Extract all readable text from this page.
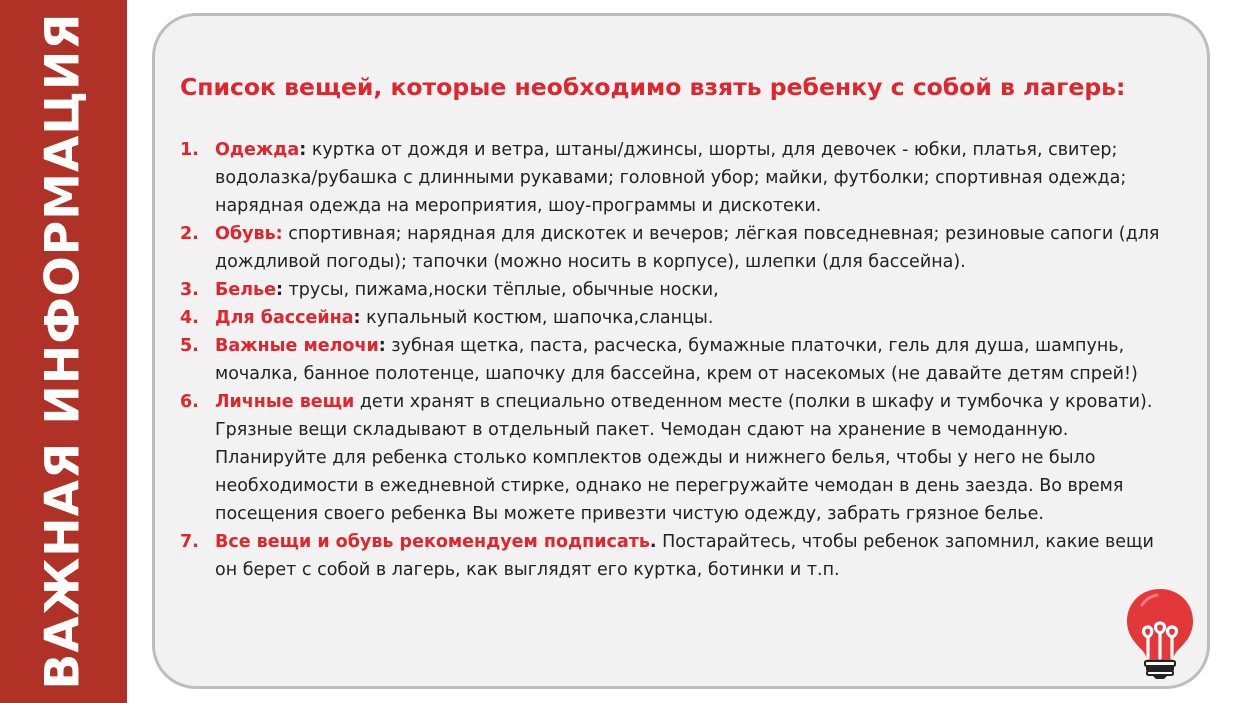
ВАЖНАЯ ИНФОРМАЦИЯ	Список вещей, которые необходимо взять ребенку с собой в лагерь:
1. Одежда: куртка от дождя и ветра, штаны/джинсы, шорты, для девочек - юбки, платья, свитер; водолазка/рубашка с длинными рукавами; головной убор; майки, футболки; спортивная одежда; нарядная одежда на мероприятия, шоу-программы и дискотеки.
2. Обувь: спортивная; нарядная для дискотек и вечеров; лёгкая повседневная; резиновые сапоги (для дождливой погоды); тапочки (можно носить в корпусе), шлепки (для бассейна).
3. Белье: трусы, пижама,носки тёплые, обычные носки,
4. Для бассейна: купальный костюм, шапочка,сланцы.
5. Важные мелочи: зубная щетка, паста, расческа, бумажные платочки, гель для душа, шампунь, мочалка, банное полотенце, шапочку для бассейна, крем от насекомых (не давайте детям спрей!)
6. Личные вещи дети хранят в специально отведенном месте (полки в шкафу и тумбочка у кровати). Грязные вещи складывают в отдельный пакет. Чемодан сдают на хранение в чемоданную. Планируйте для ребенка столько комплектов одежды и нижнего белья, чтобы у него не было необходимости в ежедневной стирке, однако не перегружайте чемодан в день заезда. Во время посещения своего ребенка Вы можете привезти чистую одежду, забрать грязное белье.
7. Все вещи и обувь рекомендуем подписать. Постарайтесь, чтобы ребенок запомнил, какие вещи он берет с собой в лагерь, как выглядят его куртка, ботинки и т.п.
